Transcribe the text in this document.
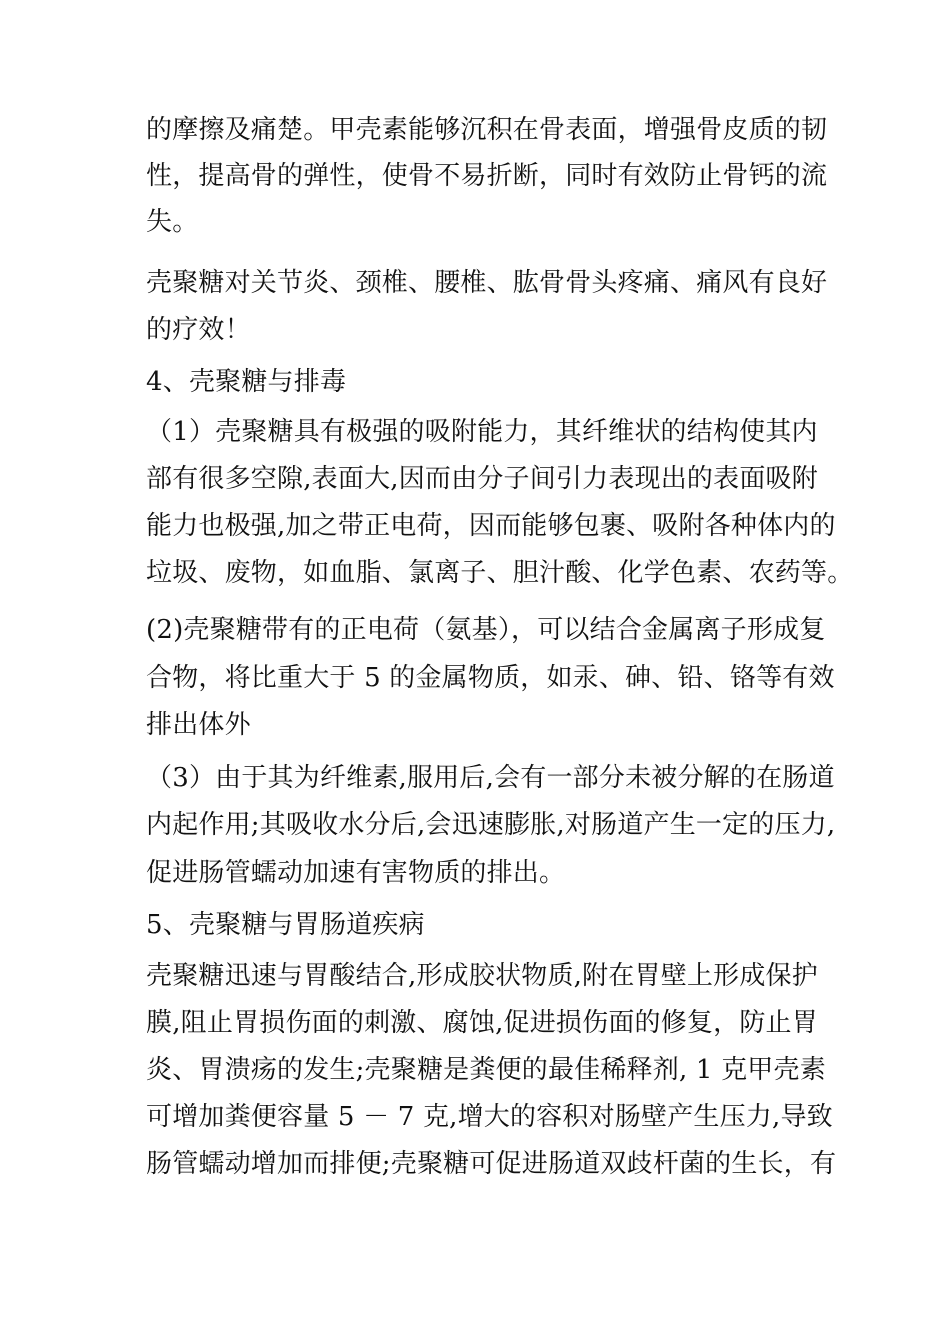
的摩擦及痛楚。甲壳素能够沉积在骨表面，增强骨皮质的韧
性，提高骨的弹性，使骨不易折断，同时有效防止骨钙的流
失。
壳聚糖对关节炎、颈椎、腰椎、肱骨骨头疼痛、痛风有良好
的疗效！
4、壳聚糖与排毒
（1）壳聚糖具有极强的吸附能力，其纤维状的结构使其内
部有很多空隙,表面大,因而由分子间引力表现出的表面吸附
能力也极强,加之带正电荷，因而能够包裹、吸附各种体内的
垃圾、废物，如血脂、氯离子、胆汁酸、化学色素、农药等。
(2)壳聚糖带有的正电荷（氨基），可以结合金属离子形成复
合物，将比重大于 5 的金属物质，如汞、砷、铅、铬等有效
排出体外
（3）由于其为纤维素,服用后,会有一部分未被分解的在肠道
内起作用;其吸收水分后,会迅速膨胀,对肠道产生一定的压力,
促进肠管蠕动加速有害物质的排出。
5、壳聚糖与胃肠道疾病
壳聚糖迅速与胃酸结合,形成胶状物质,附在胃壁上形成保护
膜,阻止胃损伤面的刺激、腐蚀,促进损伤面的修复，防止胃
炎、胃溃疡的发生;壳聚糖是粪便的最佳稀释剂, 1 克甲壳素
可增加粪便容量 5 － 7 克,增大的容积对肠壁产生压力,导致
肠管蠕动增加而排便;壳聚糖可促进肠道双歧杆菌的生长，有
